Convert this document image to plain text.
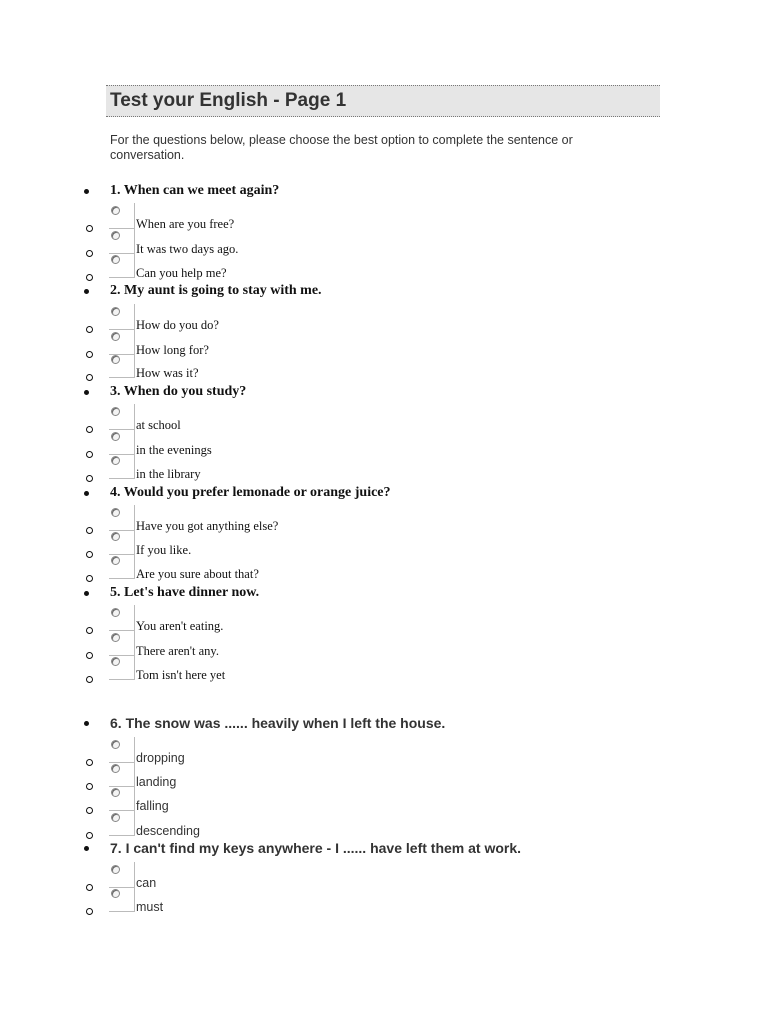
Test your English - Page 1
For the questions below, please choose the best option to complete the sentence or conversation.
1. When can we meet again?
When are you free?
It was two days ago.
Can you help me?
2. My aunt is going to stay with me.
How do you do?
How long for?
How was it?
3. When do you study?
at school
in the evenings
in the library
4. Would you prefer lemonade or orange juice?
Have you got anything else?
If you like.
Are you sure about that?
5. Let's have dinner now.
You aren't eating.
There aren't any.
Tom isn't here yet
6. The snow was ...... heavily when I left the house.
dropping
landing
falling
descending
7. I can't find my keys anywhere - I ...... have left them at work.
can
must
